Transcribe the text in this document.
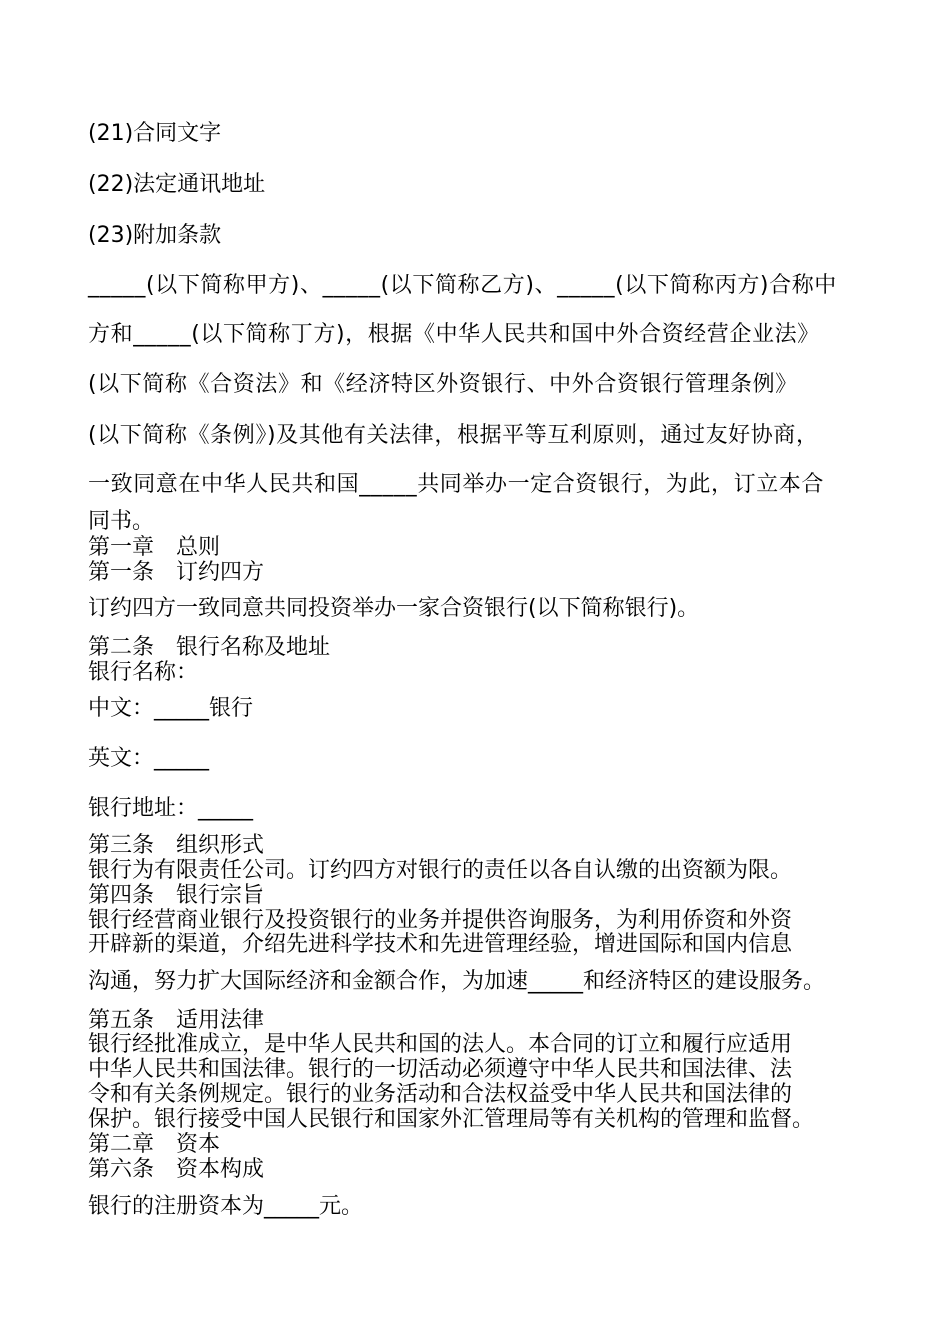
(21)合同文字

(22)法定通讯地址

(23)附加条款

_____(以下简称甲方)、_____(以下简称乙方)、_____(以下简称丙方)合称中

方和_____(以下简称丁方)，根据《中华人民共和国中外合资经营企业法》

(以下简称《合资法》和《经济特区外资银行、中外合资银行管理条例》

(以下简称《条例》)及其他有关法律，根据平等互利原则，通过友好协商，

一致同意在中华人民共和国_____共同举办一定合资银行，为此，订立本合

同书。

第一章　总则

第一条　订约四方

订约四方一致同意共同投资举办一家合资银行(以下简称银行)。

第二条　银行名称及地址

银行名称：

中文：_____银行

英文：_____

银行地址：_____

第三条　组织形式

银行为有限责任公司。订约四方对银行的责任以各自认缴的出资额为限。

第四条　银行宗旨

银行经营商业银行及投资银行的业务并提供咨询服务，为利用侨资和外资

开辟新的渠道，介绍先进科学技术和先进管理经验，增进国际和国内信息

沟通，努力扩大国际经济和金额合作，为加速_____和经济特区的建设服务。

第五条　适用法律

银行经批准成立，是中华人民共和国的法人。本合同的订立和履行应适用

中华人民共和国法律。银行的一切活动必须遵守中华人民共和国法律、法

令和有关条例规定。银行的业务活动和合法权益受中华人民共和国法律的

保护。银行接受中国人民银行和国家外汇管理局等有关机构的管理和监督。

第二章　资本

第六条　资本构成

银行的注册资本为_____元。
